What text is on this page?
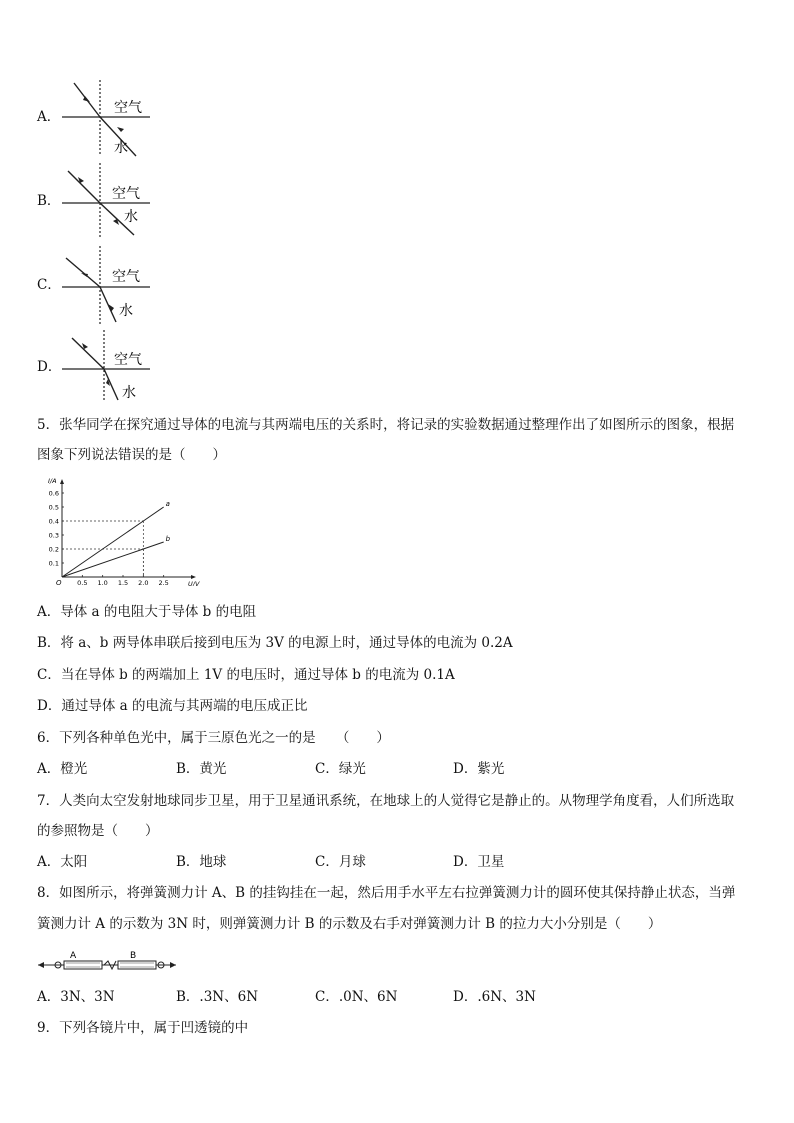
A．
空气
水
B．	空气
水
C．	空气
水
D．	空气
水
5．张华同学在探究通过导体的电流与其两端电压的关系时，将记录的实验数据通过整理作出了如图所示的图象，根据
图象下列说法错误的是（　　）
0.1
0.2
0.3
0.4
0.5
0.6
0.5 1.0 1.5 2.0 2.5
I/A
U/V
O
a
b
A．导体 a 的电阻大于导体 b 的电阻
B．将 a、b 两导体串联后接到电压为 3V 的电源上时，通过导体的电流为 0.2A
C．当在导体 b 的两端加上 1V 的电压时，通过导体 b 的电流为 0.1A
D．通过导体 a 的电流与其两端的电压成正比
6．下列各种单色光中，属于三原色光之一的是　　（　　）
A．橙光	B．黄光	C．绿光	D．紫光
7．人类向太空发射地球同步卫星，用于卫星通讯系统，在地球上的人觉得它是静止的。从物理学角度看，人们所选取
的参照物是（　　）
A．太阳	B．地球	C．月球	D．卫星
8．如图所示，将弹簧测力计 A、B 的挂钩挂在一起，然后用手水平左右拉弹簧测力计的圆环使其保持静止状态，当弹
簧测力计 A 的示数为 3N 时，则弹簧测力计 B 的示数及右手对弹簧测力计 B 的拉力大小分别是（　　）
A	B
A．3N、3N	B．.3N、6N	C．.0N、6N	D．.6N、3N
9．下列各镜片中，属于凹透镜的中
